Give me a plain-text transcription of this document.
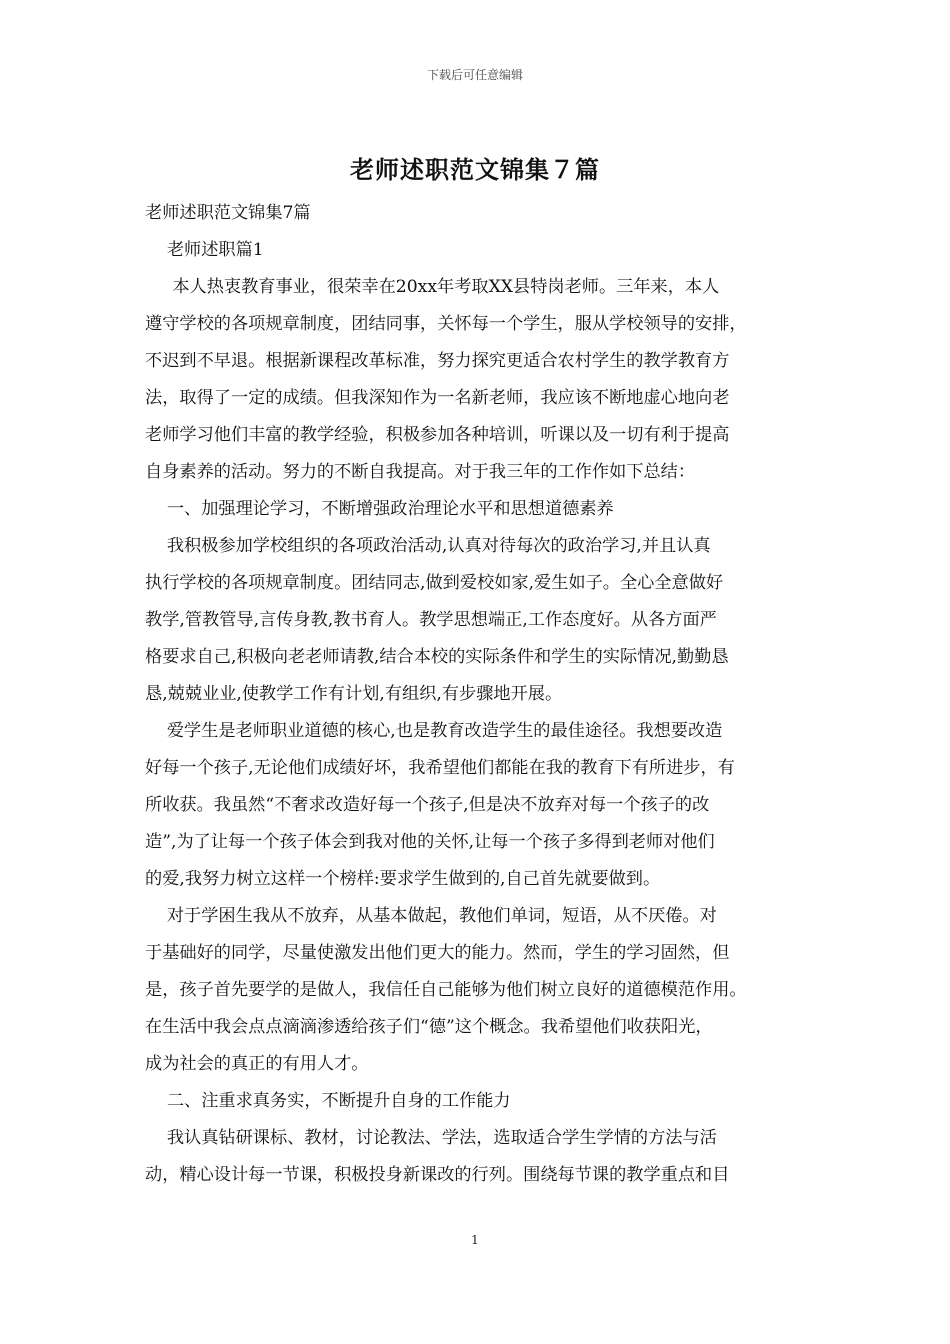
下载后可任意编辑
老师述职范文锦集７篇
老师述职范文锦集7篇
老师述职篇1
本人热衷教育事业，很荣幸在20xx年考取XX县特岗老师。三年来，本人
遵守学校的各项规章制度，团结同事，关怀每一个学生，服从学校领导的安排，
不迟到不早退。根据新课程改革标准，努力探究更适合农村学生的教学教育方
法，取得了一定的成绩。但我深知作为一名新老师，我应该不断地虚心地向老
老师学习他们丰富的教学经验，积极参加各种培训，听课以及一切有利于提高
自身素养的活动。努力的不断自我提高。对于我三年的工作作如下总结：
一、加强理论学习，不断增强政治理论水平和思想道德素养
我积极参加学校组织的各项政治活动,认真对待每次的政治学习,并且认真
执行学校的各项规章制度。团结同志,做到爱校如家,爱生如子。全心全意做好
教学,管教管导,言传身教,教书育人。教学思想端正,工作态度好。从各方面严
格要求自己,积极向老老师请教,结合本校的实际条件和学生的实际情况,勤勤恳
恳,兢兢业业,使教学工作有计划,有组织,有步骤地开展。
爱学生是老师职业道德的核心,也是教育改造学生的最佳途径。我想要改造
好每一个孩子,无论他们成绩好坏，我希望他们都能在我的教育下有所进步，有
所收获。我虽然“不奢求改造好每一个孩子,但是决不放弃对每一个孩子的改
造”,为了让每一个孩子体会到我对他的关怀,让每一个孩子多得到老师对他们
的爱,我努力树立这样一个榜样:要求学生做到的,自己首先就要做到。
对于学困生我从不放弃，从基本做起，教他们单词，短语，从不厌倦。对
于基础好的同学，尽量使激发出他们更大的能力。然而，学生的学习固然，但
是，孩子首先要学的是做人，我信任自己能够为他们树立良好的道德模范作用。
在生活中我会点点滴滴渗透给孩子们“德”这个概念。我希望他们收获阳光，
成为社会的真正的有用人才。
二、注重求真务实，不断提升自身的工作能力
我认真钻研课标、教材，讨论教法、学法，选取适合学生学情的方法与活
动，精心设计每一节课，积极投身新课改的行列。围绕每节课的教学重点和目
1
